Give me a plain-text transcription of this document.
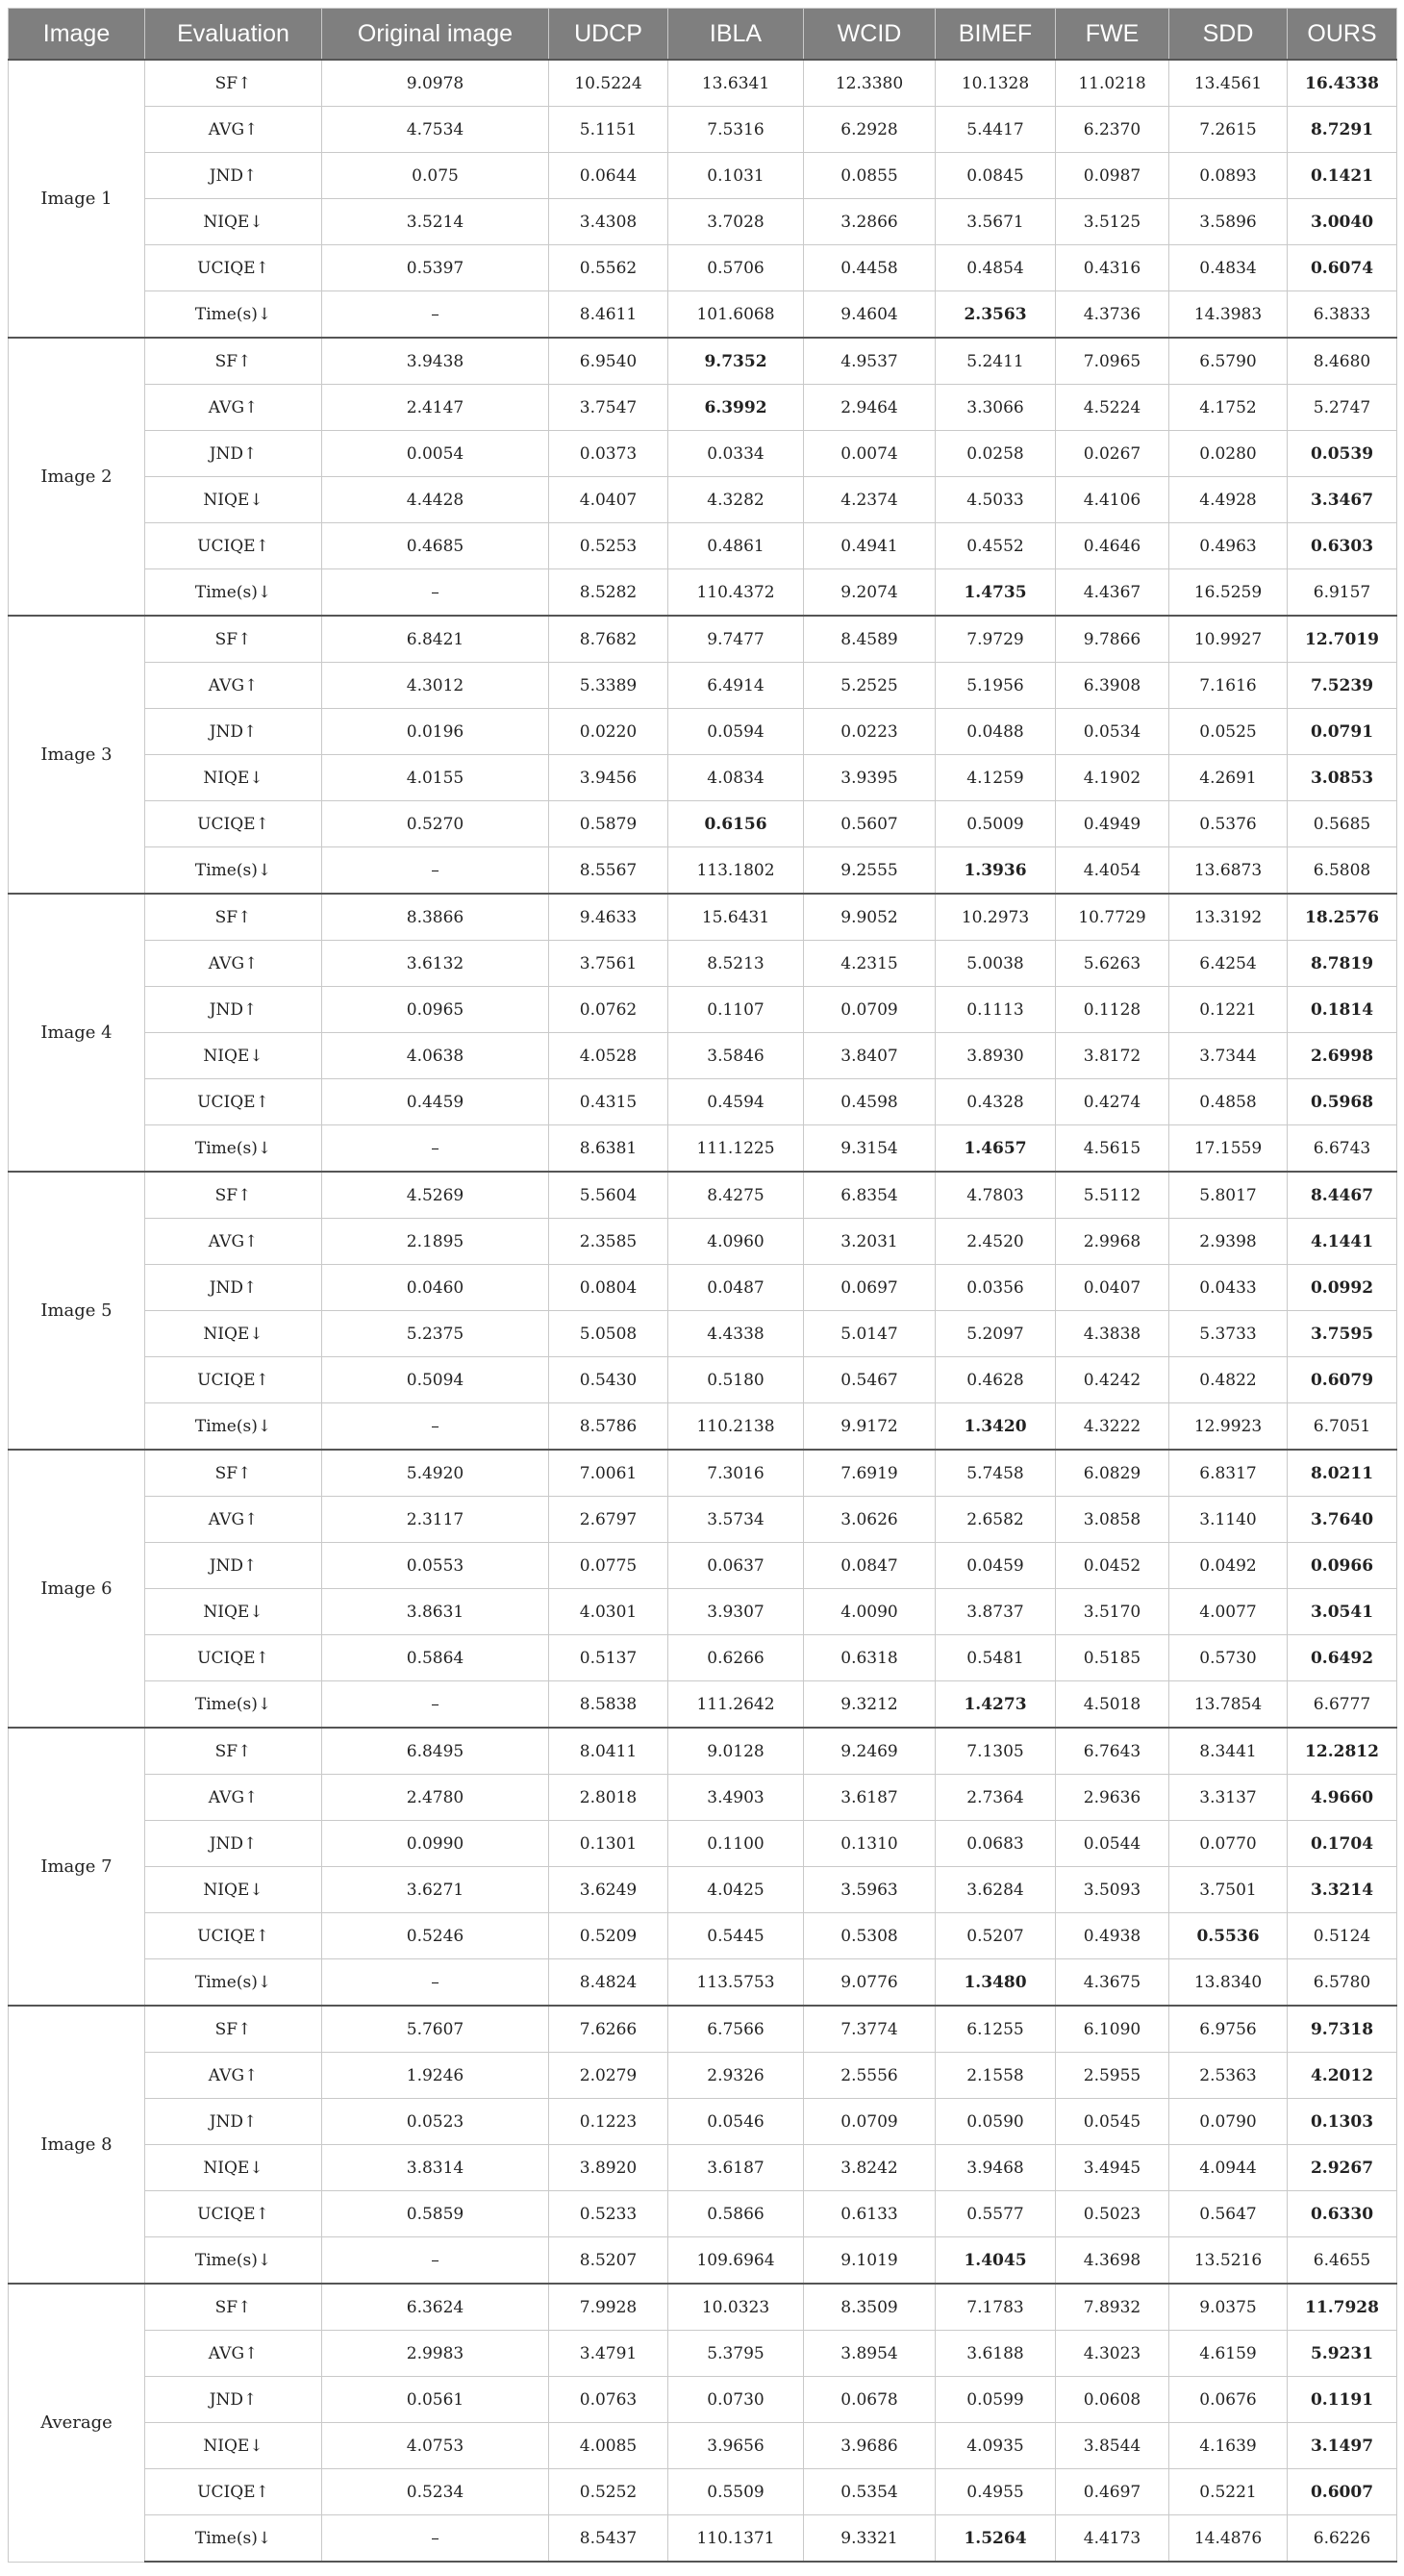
Image	Evaluation	Original image	UDCP	IBLA	WCID	BIMEF	FWE	SDD	OURS
Image 1	SF↑	9.0978	10.5224	13.6341	12.3380	10.1328	11.0218	13.4561	16.4338
	AVG↑	4.7534	5.1151	7.5316	6.2928	5.4417	6.2370	7.2615	8.7291
	JND↑	0.075	0.0644	0.1031	0.0855	0.0845	0.0987	0.0893	0.1421
	NIQE↓	3.5214	3.4308	3.7028	3.2866	3.5671	3.5125	3.5896	3.0040
	UCIQE↑	0.5397	0.5562	0.5706	0.4458	0.4854	0.4316	0.4834	0.6074
	Time(s)↓	–	8.4611	101.6068	9.4604	2.3563	4.3736	14.3983	6.3833
Image 2	SF↑	3.9438	6.9540	9.7352	4.9537	5.2411	7.0965	6.5790	8.4680
	AVG↑	2.4147	3.7547	6.3992	2.9464	3.3066	4.5224	4.1752	5.2747
	JND↑	0.0054	0.0373	0.0334	0.0074	0.0258	0.0267	0.0280	0.0539
	NIQE↓	4.4428	4.0407	4.3282	4.2374	4.5033	4.4106	4.4928	3.3467
	UCIQE↑	0.4685	0.5253	0.4861	0.4941	0.4552	0.4646	0.4963	0.6303
	Time(s)↓	–	8.5282	110.4372	9.2074	1.4735	4.4367	16.5259	6.9157
Image 3	SF↑	6.8421	8.7682	9.7477	8.4589	7.9729	9.7866	10.9927	12.7019
	AVG↑	4.3012	5.3389	6.4914	5.2525	5.1956	6.3908	7.1616	7.5239
	JND↑	0.0196	0.0220	0.0594	0.0223	0.0488	0.0534	0.0525	0.0791
	NIQE↓	4.0155	3.9456	4.0834	3.9395	4.1259	4.1902	4.2691	3.0853
	UCIQE↑	0.5270	0.5879	0.6156	0.5607	0.5009	0.4949	0.5376	0.5685
	Time(s)↓	–	8.5567	113.1802	9.2555	1.3936	4.4054	13.6873	6.5808
Image 4	SF↑	8.3866	9.4633	15.6431	9.9052	10.2973	10.7729	13.3192	18.2576
	AVG↑	3.6132	3.7561	8.5213	4.2315	5.0038	5.6263	6.4254	8.7819
	JND↑	0.0965	0.0762	0.1107	0.0709	0.1113	0.1128	0.1221	0.1814
	NIQE↓	4.0638	4.0528	3.5846	3.8407	3.8930	3.8172	3.7344	2.6998
	UCIQE↑	0.4459	0.4315	0.4594	0.4598	0.4328	0.4274	0.4858	0.5968
	Time(s)↓	–	8.6381	111.1225	9.3154	1.4657	4.5615	17.1559	6.6743
Image 5	SF↑	4.5269	5.5604	8.4275	6.8354	4.7803	5.5112	5.8017	8.4467
	AVG↑	2.1895	2.3585	4.0960	3.2031	2.4520	2.9968	2.9398	4.1441
	JND↑	0.0460	0.0804	0.0487	0.0697	0.0356	0.0407	0.0433	0.0992
	NIQE↓	5.2375	5.0508	4.4338	5.0147	5.2097	4.3838	5.3733	3.7595
	UCIQE↑	0.5094	0.5430	0.5180	0.5467	0.4628	0.4242	0.4822	0.6079
	Time(s)↓	–	8.5786	110.2138	9.9172	1.3420	4.3222	12.9923	6.7051
Image 6	SF↑	5.4920	7.0061	7.3016	7.6919	5.7458	6.0829	6.8317	8.0211
	AVG↑	2.3117	2.6797	3.5734	3.0626	2.6582	3.0858	3.1140	3.7640
	JND↑	0.0553	0.0775	0.0637	0.0847	0.0459	0.0452	0.0492	0.0966
	NIQE↓	3.8631	4.0301	3.9307	4.0090	3.8737	3.5170	4.0077	3.0541
	UCIQE↑	0.5864	0.5137	0.6266	0.6318	0.5481	0.5185	0.5730	0.6492
	Time(s)↓	–	8.5838	111.2642	9.3212	1.4273	4.5018	13.7854	6.6777
Image 7	SF↑	6.8495	8.0411	9.0128	9.2469	7.1305	6.7643	8.3441	12.2812
	AVG↑	2.4780	2.8018	3.4903	3.6187	2.7364	2.9636	3.3137	4.9660
	JND↑	0.0990	0.1301	0.1100	0.1310	0.0683	0.0544	0.0770	0.1704
	NIQE↓	3.6271	3.6249	4.0425	3.5963	3.6284	3.5093	3.7501	3.3214
	UCIQE↑	0.5246	0.5209	0.5445	0.5308	0.5207	0.4938	0.5536	0.5124
	Time(s)↓	–	8.4824	113.5753	9.0776	1.3480	4.3675	13.8340	6.5780
Image 8	SF↑	5.7607	7.6266	6.7566	7.3774	6.1255	6.1090	6.9756	9.7318
	AVG↑	1.9246	2.0279	2.9326	2.5556	2.1558	2.5955	2.5363	4.2012
	JND↑	0.0523	0.1223	0.0546	0.0709	0.0590	0.0545	0.0790	0.1303
	NIQE↓	3.8314	3.8920	3.6187	3.8242	3.9468	3.4945	4.0944	2.9267
	UCIQE↑	0.5859	0.5233	0.5866	0.6133	0.5577	0.5023	0.5647	0.6330
	Time(s)↓	–	8.5207	109.6964	9.1019	1.4045	4.3698	13.5216	6.4655
Average	SF↑	6.3624	7.9928	10.0323	8.3509	7.1783	7.8932	9.0375	11.7928
	AVG↑	2.9983	3.4791	5.3795	3.8954	3.6188	4.3023	4.6159	5.9231
	JND↑	0.0561	0.0763	0.0730	0.0678	0.0599	0.0608	0.0676	0.1191
	NIQE↓	4.0753	4.0085	3.9656	3.9686	4.0935	3.8544	4.1639	3.1497
	UCIQE↑	0.5234	0.5252	0.5509	0.5354	0.4955	0.4697	0.5221	0.6007
	Time(s)↓	–	8.5437	110.1371	9.3321	1.5264	4.4173	14.4876	6.6226
